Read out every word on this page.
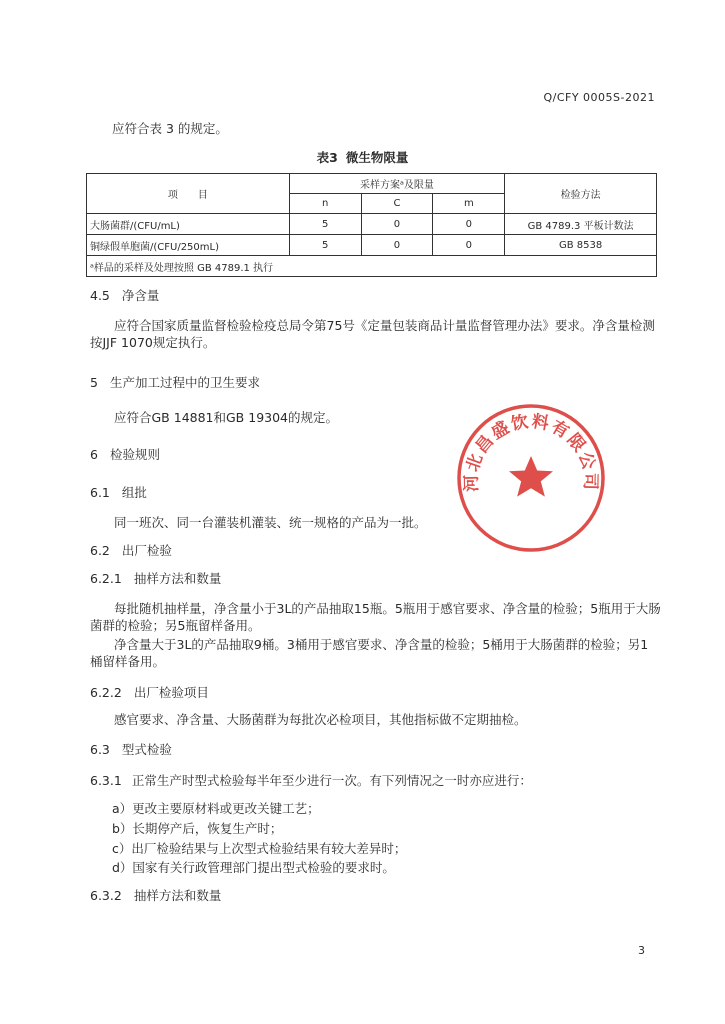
Q/CFY 0005S-2021
应符合表 3 的规定。
表3 微生物限量
项　　目	采样方案ᵃ及限量			检验方法
	n	C	m	
大肠菌群/(CFU/mL)	5	0	0	GB 4789.3 平板计数法
铜绿假单胞菌/(CFU/250mL)	5	0	0	GB 8538
ᵃ样品的采样及处理按照 GB 4789.1 执行				
4.5 净含量
应符合国家质量监督检验检疫总局令第75号《定量包装商品计量监督管理办法》要求。净含量检测
按JJF 1070规定执行。
5 生产加工过程中的卫生要求
应符合GB 14881和GB 19304的规定。
6 检验规则
6.1 组批
同一班次、同一台灌装机灌装、统一规格的产品为一批。
6.2 出厂检验
6.2.1 抽样方法和数量
每批随机抽样量，净含量小于3L的产品抽取15瓶。5瓶用于感官要求、净含量的检验；5瓶用于大肠
菌群的检验；另5瓶留样备用。
净含量大于3L的产品抽取9桶。3桶用于感官要求、净含量的检验；5桶用于大肠菌群的检验；另1
桶留样备用。
6.2.2 出厂检验项目
感官要求、净含量、大肠菌群为每批次必检项目，其他指标做不定期抽检。
6.3 型式检验
6.3.1 正常生产时型式检验每半年至少进行一次。有下列情况之一时亦应进行：
a）更改主要原材料或更改关键工艺；
b）长期停产后，恢复生产时；
c）出厂检验结果与上次型式检验结果有较大差异时；
d）国家有关行政管理部门提出型式检验的要求时。
6.3.2 抽样方法和数量
3
河北昌盛饮料有限公司
